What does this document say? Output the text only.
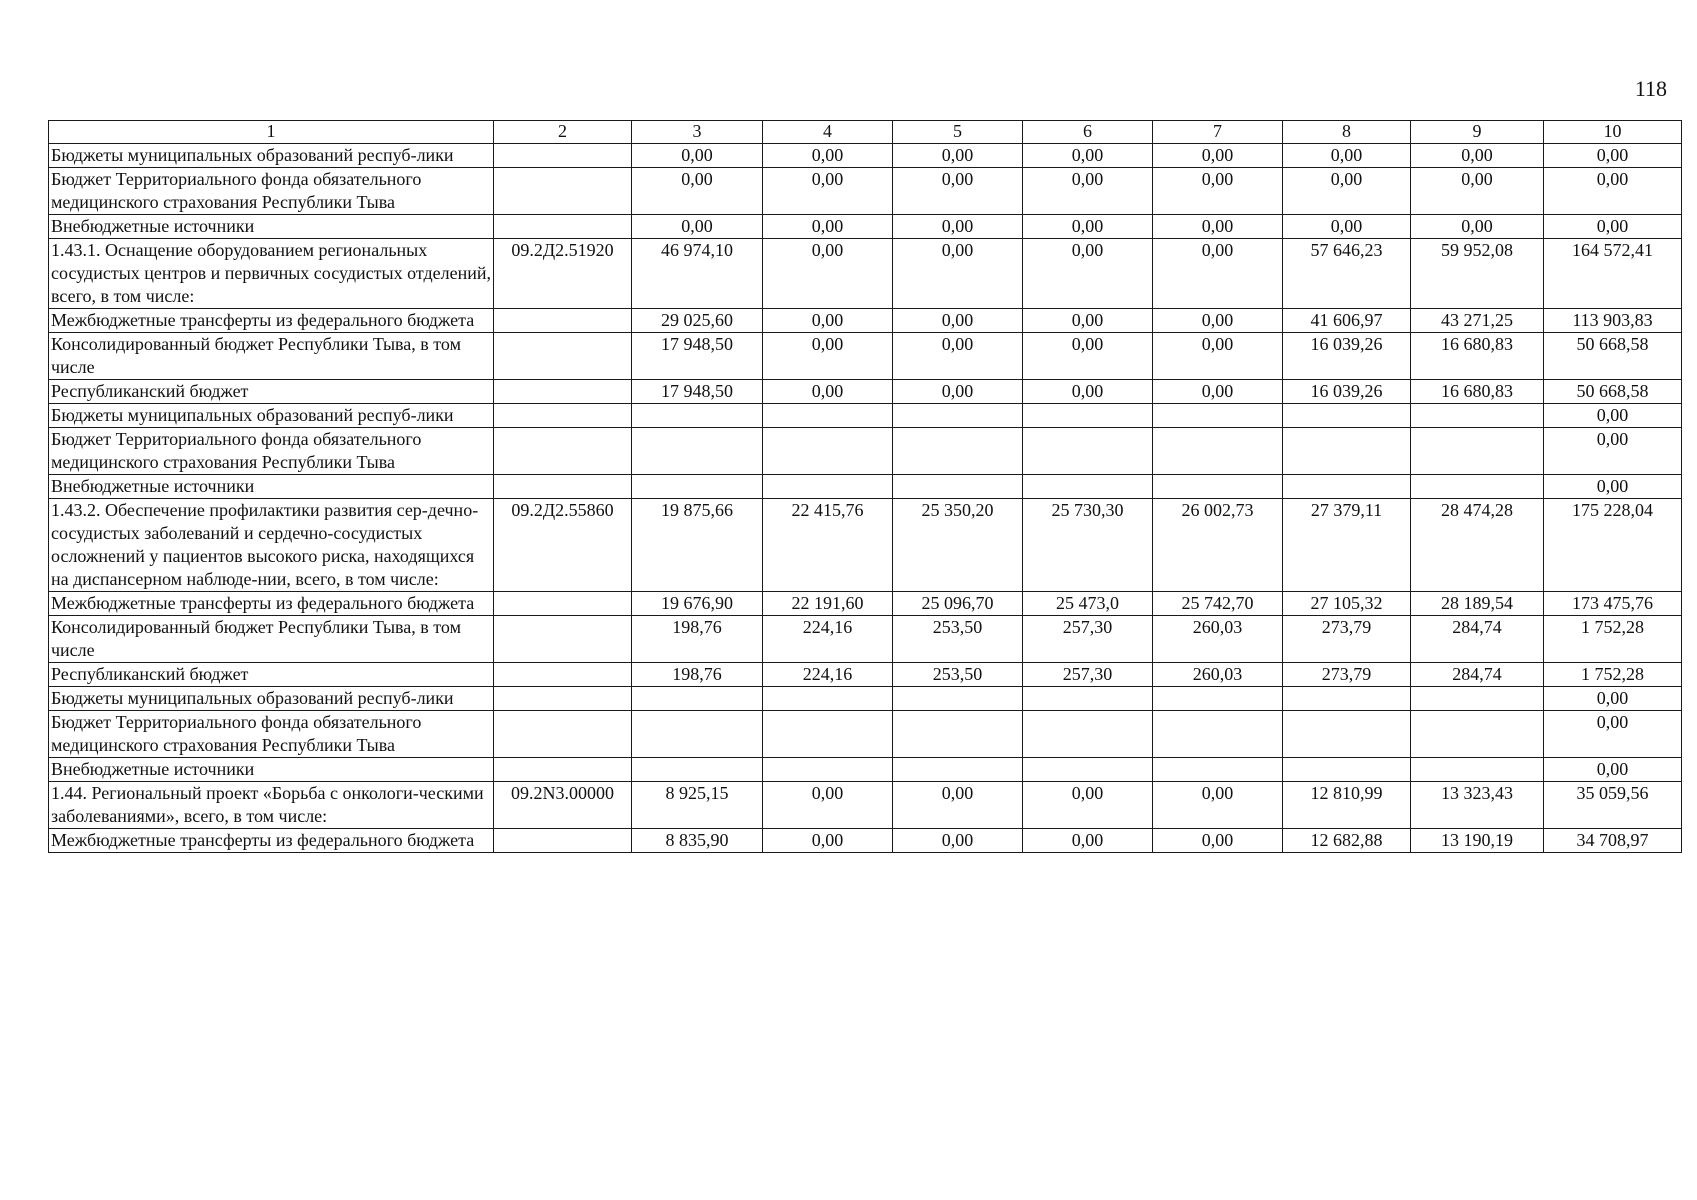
118
1	2	3	4	5	6	7	8	9	10
Бюджеты муниципальных образований респуб-лики		0,00	0,00	0,00	0,00	0,00	0,00	0,00	0,00
Бюджет Территориального фонда обязательного медицинского страхования Республики Тыва		0,00	0,00	0,00	0,00	0,00	0,00	0,00	0,00
Внебюджетные источники		0,00	0,00	0,00	0,00	0,00	0,00	0,00	0,00
1.43.1. Оснащение оборудованием региональных сосудистых центров и первичных сосудистых отделений, всего, в том числе:	09.2Д2.51920	46 974,10	0,00	0,00	0,00	0,00	57 646,23	59 952,08	164 572,41
Межбюджетные трансферты из федерального бюджета		29 025,60	0,00	0,00	0,00	0,00	41 606,97	43 271,25	113 903,83
Консолидированный бюджет Республики Тыва, в том числе		17 948,50	0,00	0,00	0,00	0,00	16 039,26	16 680,83	50 668,58
Республиканский бюджет		17 948,50	0,00	0,00	0,00	0,00	16 039,26	16 680,83	50 668,58
Бюджеты муниципальных образований респуб-лики									0,00
Бюджет Территориального фонда обязательного медицинского страхования Республики Тыва									0,00
Внебюджетные источники									0,00
1.43.2. Обеспечение профилактики развития сер-дечно-сосудистых заболеваний и сердечно-сосудистых осложнений у пациентов высокого риска, находящихся на диспансерном наблюде-нии, всего, в том числе:	09.2Д2.55860	19 875,66	22 415,76	25 350,20	25 730,30	26 002,73	27 379,11	28 474,28	175 228,04
Межбюджетные трансферты из федерального бюджета		19 676,90	22 191,60	25 096,70	25 473,0	25 742,70	27 105,32	28 189,54	173 475,76
Консолидированный бюджет Республики Тыва, в том числе		198,76	224,16	253,50	257,30	260,03	273,79	284,74	1 752,28
Республиканский бюджет		198,76	224,16	253,50	257,30	260,03	273,79	284,74	1 752,28
Бюджеты муниципальных образований респуб-лики									0,00
Бюджет Территориального фонда обязательного медицинского страхования Республики Тыва									0,00
Внебюджетные источники									0,00
1.44. Региональный проект «Борьба с онкологи-ческими заболеваниями», всего, в том числе:	09.2N3.00000	8 925,15	0,00	0,00	0,00	0,00	12 810,99	13 323,43	35 059,56
Межбюджетные трансферты из федерального бюджета		8 835,90	0,00	0,00	0,00	0,00	12 682,88	13 190,19	34 708,97
